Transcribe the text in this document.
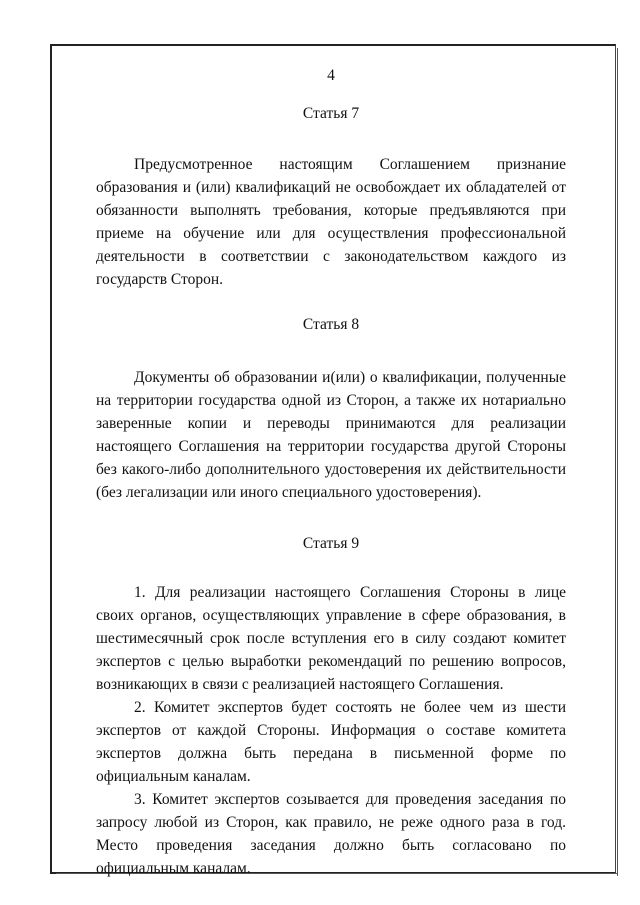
4

Статья 7

Предусмотренное настоящим Соглашением признание образования и (или) квалификаций не освобождает их обладателей от обязанности выполнять требования, которые предъявляются при приеме на обучение или для осуществления профессиональной деятельности в соответствии с законодательством каждого из государств Сторон.

Статья 8

Документы об образовании и(или) о квалификации, полученные на территории государства одной из Сторон, а также их нотариально заверенные копии и переводы принимаются для реализации настоящего Соглашения на территории государства другой Стороны без какого-либо дополнительного удостоверения их действительности (без легализации или иного специального удостоверения).

Статья 9

1. Для реализации настоящего Соглашения Стороны в лице своих органов, осуществляющих управление в сфере образования, в шестимесячный срок после вступления его в силу создают комитет экспертов с целью выработки рекомендаций по решению вопросов, возникающих в связи с реализацией настоящего Соглашения.

2. Комитет экспертов будет состоять не более чем из шести экспертов от каждой Стороны. Информация о составе комитета экспертов должна быть передана в письменной форме по официальным каналам.

3. Комитет экспертов созывается для проведения заседания по запросу любой из Сторон, как правило, не реже одного раза в год. Место проведения заседания должно быть согласовано по официальным каналам.
